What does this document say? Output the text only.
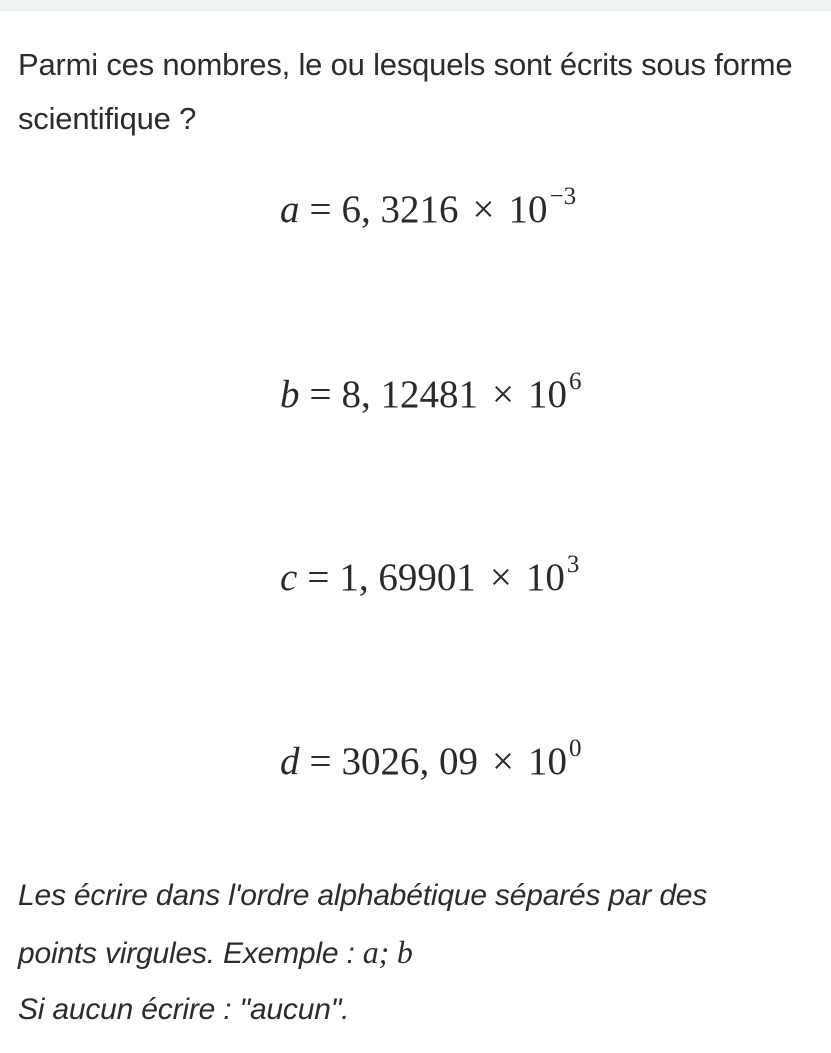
Parmi ces nombres, le ou lesquels sont écrits sous forme scientifique ?
a = 6, $3216 \times 10^{-3}$
b = 8, $12481 \times 10^6$
c = 1, $69901 \times 10^3$
d = 3026, $09 \times 10^0$
Les écrire dans l'ordre alphabétique séparés par des
points virgules. Exemple : a; b
Si aucun écrire : "aucun".
